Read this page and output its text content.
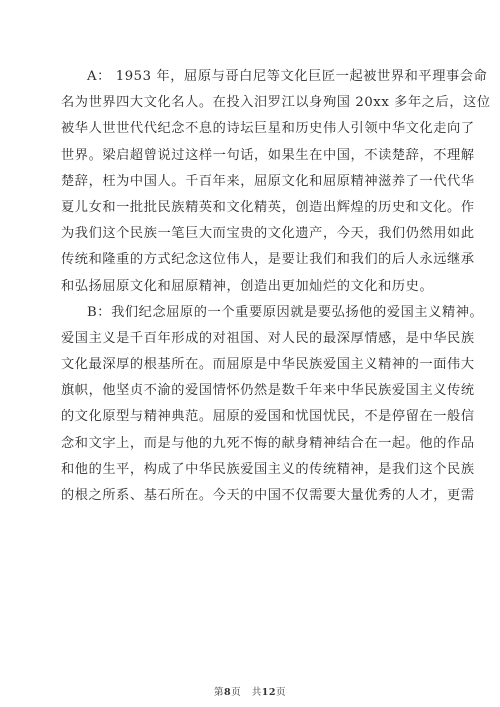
A： 1953 年，屈原与哥白尼等文化巨匠一起被世界和平理事会命
名为世界四大文化名人。在投入汨罗江以身殉国 20xx 多年之后，这位
被华人世世代代纪念不息的诗坛巨星和历史伟人引领中华文化走向了
世界。梁启超曾说过这样一句话，如果生在中国，不读楚辞，不理解
楚辞，枉为中国人。千百年来，屈原文化和屈原精神滋养了一代代华
夏儿女和一批批民族精英和文化精英，创造出辉煌的历史和文化。作
为我们这个民族一笔巨大而宝贵的文化遗产，今天，我们仍然用如此
传统和隆重的方式纪念这位伟人，是要让我们和我们的后人永远继承
和弘扬屈原文化和屈原精神，创造出更加灿烂的文化和历史。
B：我们纪念屈原的一个重要原因就是要弘扬他的爱国主义精神。
爱国主义是千百年形成的对祖国、对人民的最深厚情感，是中华民族
文化最深厚的根基所在。而屈原是中华民族爱国主义精神的一面伟大
旗帜，他坚贞不渝的爱国情怀仍然是数千年来中华民族爱国主义传统
的文化原型与精神典范。屈原的爱国和忧国忧民，不是停留在一般信
念和文字上，而是与他的九死不悔的献身精神结合在一起。他的作品
和他的生平，构成了中华民族爱国主义的传统精神，是我们这个民族
的根之所系、基石所在。今天的中国不仅需要大量优秀的人才，更需
第8页 共12页
